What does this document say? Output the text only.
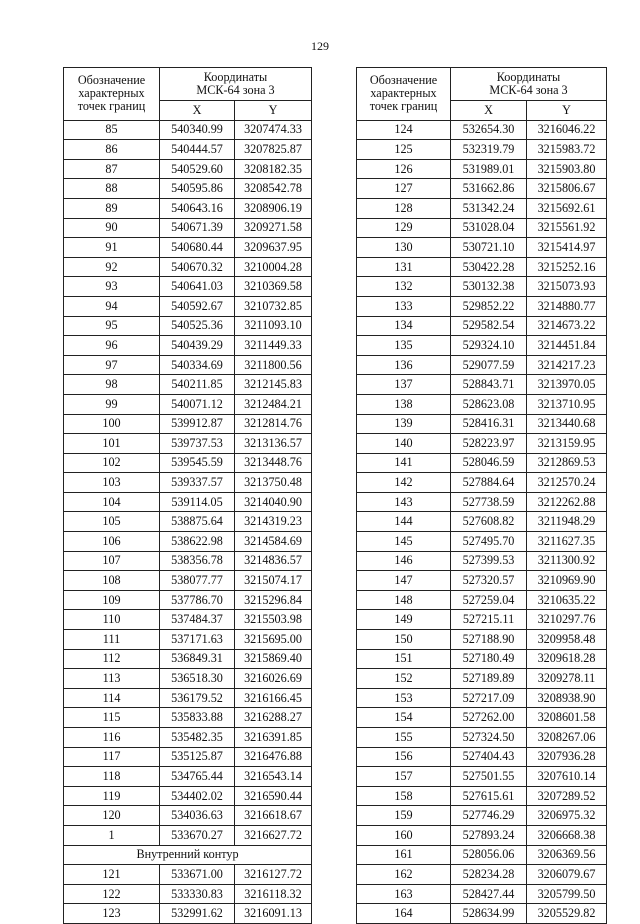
129
Обозначение
характерных
точек границ	Координаты
МСК-64 зона 3	
	X	Y
85	540340.99	3207474.33
86	540444.57	3207825.87
87	540529.60	3208182.35
88	540595.86	3208542.78
89	540643.16	3208906.19
90	540671.39	3209271.58
91	540680.44	3209637.95
92	540670.32	3210004.28
93	540641.03	3210369.58
94	540592.67	3210732.85
95	540525.36	3211093.10
96	540439.29	3211449.33
97	540334.69	3211800.56
98	540211.85	3212145.83
99	540071.12	3212484.21
100	539912.87	3212814.76
101	539737.53	3213136.57
102	539545.59	3213448.76
103	539337.57	3213750.48
104	539114.05	3214040.90
105	538875.64	3214319.23
106	538622.98	3214584.69
107	538356.78	3214836.57
108	538077.77	3215074.17
109	537786.70	3215296.84
110	537484.37	3215503.98
111	537171.63	3215695.00
112	536849.31	3215869.40
113	536518.30	3216026.69
114	536179.52	3216166.45
115	535833.88	3216288.27
116	535482.35	3216391.85
117	535125.87	3216476.88
118	534765.44	3216543.14
119	534402.02	3216590.44
120	534036.63	3216618.67
1	533670.27	3216627.72
Внутренний контур		
121	533671.00	3216127.72
122	533330.83	3216118.32
123	532991.62	3216091.13
Обозначение
характерных
точек границ	Координаты
МСК-64 зона 3	
	X	Y
124	532654.30	3216046.22
125	532319.79	3215983.72
126	531989.01	3215903.80
127	531662.86	3215806.67
128	531342.24	3215692.61
129	531028.04	3215561.92
130	530721.10	3215414.97
131	530422.28	3215252.16
132	530132.38	3215073.93
133	529852.22	3214880.77
134	529582.54	3214673.22
135	529324.10	3214451.84
136	529077.59	3214217.23
137	528843.71	3213970.05
138	528623.08	3213710.95
139	528416.31	3213440.68
140	528223.97	3213159.95
141	528046.59	3212869.53
142	527884.64	3212570.24
143	527738.59	3212262.88
144	527608.82	3211948.29
145	527495.70	3211627.35
146	527399.53	3211300.92
147	527320.57	3210969.90
148	527259.04	3210635.22
149	527215.11	3210297.76
150	527188.90	3209958.48
151	527180.49	3209618.28
152	527189.89	3209278.11
153	527217.09	3208938.90
154	527262.00	3208601.58
155	527324.50	3208267.06
156	527404.43	3207936.28
157	527501.55	3207610.14
158	527615.61	3207289.52
159	527746.29	3206975.32
160	527893.24	3206668.38
161	528056.06	3206369.56
162	528234.28	3206079.67
163	528427.44	3205799.50
164	528634.99	3205529.82
